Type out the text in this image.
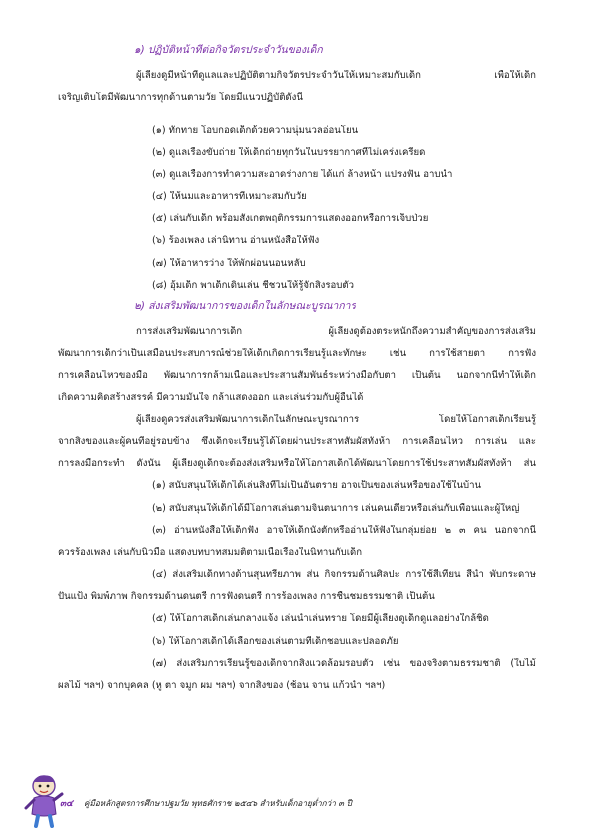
๑) ปฏิบัติหน้าที่ต่อกิจวัตรประจำวันของเด็ก

ผู้เลี้ยงดูมีหน้าที่ดูแลและปฏิบัติตามกิจวัตรประจำวันให้เหมาะสมกับเด็ก เพื่อให้เด็ก

เจริญเติบโตมีพัฒนาการทุกด้านตามวัย โดยมีแนวปฏิบัติดังนี้

(๑) ทักทาย โอบกอดเด็กด้วยความนุ่มนวลอ่อนโยน

(๒) ดูแลเรื่องขับถ่าย ให้เด็กถ่ายทุกวันในบรรยากาศที่ไม่เคร่งเครียด

(๓) ดูแลเรื่องการทำความสะอาดร่างกาย ได้แก่ ล้างหน้า แปรงฟัน อาบน้ำ

(๔) ให้นมและอาหารที่เหมาะสมกับวัย

(๕) เล่นกับเด็ก พร้อมสังเกตพฤติกรรมการแสดงออกหรือการเจ็บป่วย

(๖) ร้องเพลง เล่านิทาน อ่านหนังสือให้ฟัง

(๗) ให้อาหารว่าง ให้พักผ่อนนอนหลับ

(๘) อุ้มเด็ก พาเด็กเดินเล่น ชี้ชวนให้รู้จักสิ่งรอบตัว

๒) ส่งเสริมพัฒนาการของเด็กในลักษณะบูรณาการ

การส่งเสริมพัฒนาการเด็ก ผู้เลี้ยงดูต้องตระหนักถึงความสำคัญของการส่งเสริม

พัฒนาการเด็กว่าเป็นเสมือนประสบการณ์ช่วยให้เด็กเกิดการเรียนรู้และทักษะ เช่น การใช้สายตา การฟัง

การเคลื่อนไหวของมือ พัฒนาการกล้ามเนื้อและประสานสัมพันธ์ระหว่างมือกับตา เป็นต้น นอกจากนี้ทำให้เด็ก

เกิดความคิดสร้างสรรค์ มีความมั่นใจ กล้าแสดงออก และเล่นร่วมกับผู้อื่นได้

ผู้เลี้ยงดูควรส่งเสริมพัฒนาการเด็กในลักษณะบูรณาการ โดยให้โอกาสเด็กเรียนรู้

จากสิ่งของและผู้คนที่อยู่รอบข้าง ซึ่งเด็กจะเรียนรู้ได้โดยผ่านประสาทสัมผัสทั้งห้า การเคลื่อนไหว การเล่น และ

การลงมือกระทำ ดังนั้น ผู้เลี้ยงดูเด็กจะต้องส่งเสริมหรือให้โอกาสเด็กได้พัฒนาโดยการใช้ประสาทสัมผัสทั้งห้า ส่น

(๑) สนับสนุนให้เด็กได้เล่นสิ่งที่ไม่เป็นอันตราย อาจเป็นของเล่นหรือของใช้ในบ้าน

(๒) สนับสนุนให้เด็กได้มีโอกาสเล่นตามจินตนาการ เล่นคนเดียวหรือเล่นกับเพื่อนและผู้ใหญ่

(๓) อ่านหนังสือให้เด็กฟัง อาจให้เด็กนั่งตักหรืออ่านให้ฟังในกลุ่มย่อย ๒ ๓ คน นอกจากนี้

ควรร้องเพลง เล่นกับนิ้วมือ แสดงบทบาทสมมติตามเนื้อเรื่องในนิทานกับเด็ก

(๔) ส่งเสริมเด็กทางด้านสุนทรียภาพ ส่น กิจกรรมด้านศิลปะ การใช้สีเทียน สีน้ำ พับกระดาษ

ปั้นแป้ง พิมพ์ภาพ กิจกรรมด้านดนตรี การฟังดนตรี การร้องเพลง การชื่นชมธรรมชาติ เป็นต้น

(๕) ให้โอกาสเด็กเล่นกลางแจ้ง เล่นน้ำเล่นทราย โดยมีผู้เลี้ยงดูเด็กดูแลอย่างใกล้ชิด

(๖) ให้โอกาสเด็กได้เลือกของเล่นตามที่เด็กชอบและปลอดภัย

(๗) ส่งเสริมการเรียนรู้ของเด็กจากสิ่งแวดล้อมรอบตัว เช่น ของจริงตามธรรมชาติ (ใบไม้

ผลไม้ ฯลฯ) จากบุคคล (หู ตา จมูก ผม ฯลฯ) จากสิ่งของ (ช้อน จาน แก้วน้ำ ฯลฯ)

๓๔ คู่มือหลักสูตรการศึกษาปฐมวัย พุทธศักราช ๒๕๔๖ สำหรับเด็กอายุต่ำกว่า ๓ ปี
